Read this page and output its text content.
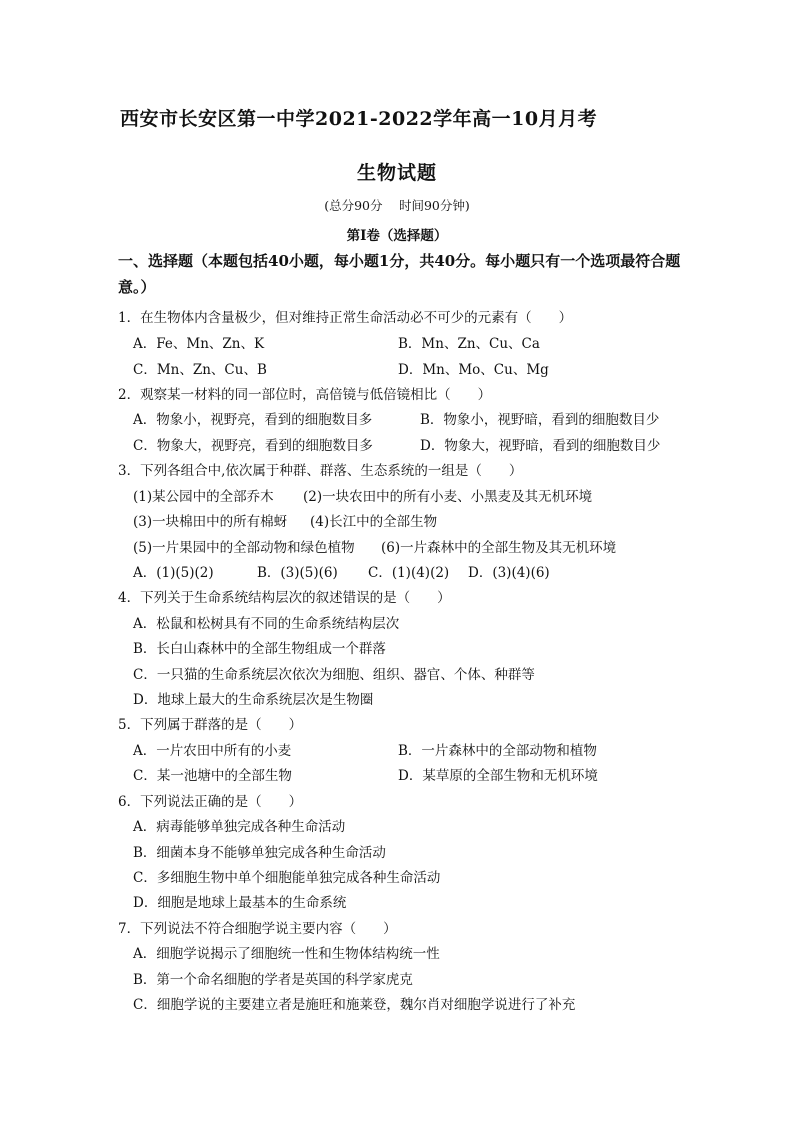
西安市长安区第一中学2021-2022学年高一10月月考
生物试题
(总分90分　 时间90分钟)
第I卷（选择题）
一、选择题（本题包括40小题，每小题1分，共40分。每小题只有一个选项最符合题意。）
1．在生物体内含量极少，但对维持正常生命活动必不可少的元素有（　　）
A．Fe、Mn、Zn、K	B．Mn、Zn、Cu、Ca
C．Mn、Zn、Cu、B	D．Mn、Mo、Cu、Mg
2．观察某一材料的同一部位时，高倍镜与低倍镜相比（　　）
A．物象小，视野亮，看到的细胞数目多	B．物象小，视野暗，看到的细胞数目少
C．物象大，视野亮，看到的细胞数目多	D．物象大，视野暗，看到的细胞数目少
3．下列各组合中,依次属于种群、群落、生态系统的一组是（　　）
(1)某公园中的全部乔木 (2)一块农田中的所有小麦、小黑麦及其无机环境
(3)一块棉田中的所有棉蚜 (4)长江中的全部生物
(5)一片果园中的全部动物和绿色植物 (6)一片森林中的全部生物及其无机环境
A．(1)(5)(2)	B．(3)(5)(6) C．(1)(4)(2) D．(3)(4)(6)
4．下列关于生命系统结构层次的叙述错误的是（　　）
A．松鼠和松树具有不同的生命系统结构层次
B．长白山森林中的全部生物组成一个群落
C．一只猫的生命系统层次依次为细胞、组织、器官、个体、种群等
D．地球上最大的生命系统层次是生物圈
5．下列属于群落的是（　　）
A．一片农田中所有的小麦	B．一片森林中的全部动物和植物
C．某一池塘中的全部生物	D．某草原的全部生物和无机环境
6．下列说法正确的是（　　）
A．病毒能够单独完成各种生命活动
B．细菌本身不能够单独完成各种生命活动
C．多细胞生物中单个细胞能单独完成各种生命活动
D．细胞是地球上最基本的生命系统
7．下列说法不符合细胞学说主要内容（　　）
A．细胞学说揭示了细胞统一性和生物体结构统一性
B．第一个命名细胞的学者是英国的科学家虎克
C．细胞学说的主要建立者是施旺和施莱登，魏尔肖对细胞学说进行了补充
